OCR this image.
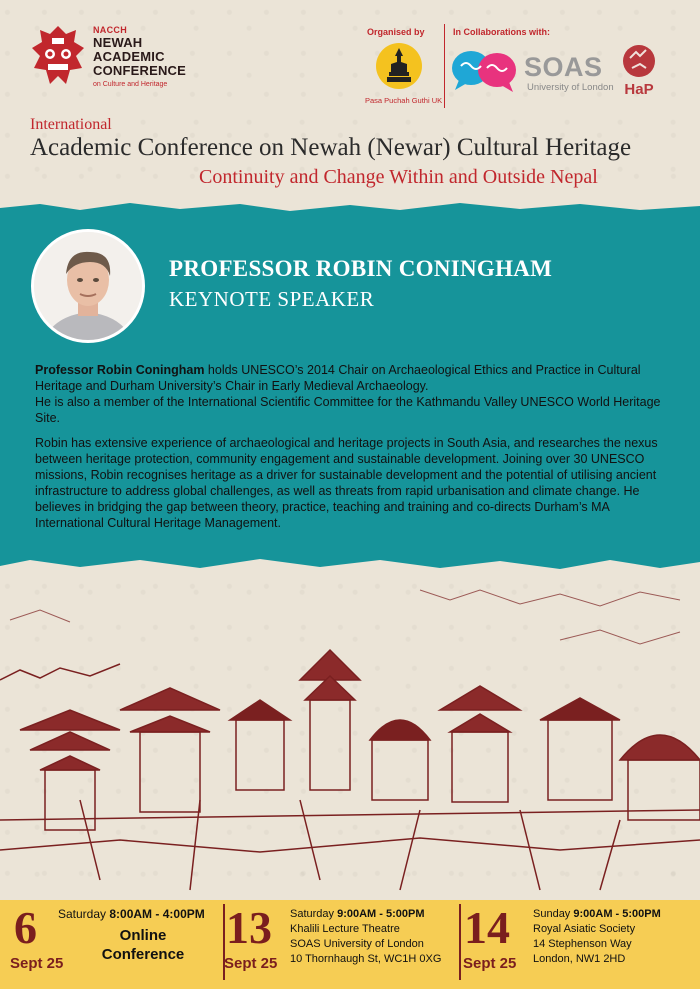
NACCH
NEWAH ACADEMIC CONFERENCE
on Culture and Heritage
Organised by
Pasa Puchah Guthi UK
In Collaborations with:
SOAS
University of London HaP
International
Academic Conference on Newah (Newar) Cultural Heritage
Continuity and Change Within and Outside Nepal
PROFESSOR ROBIN CONINGHAM
KEYNOTE SPEAKER

Professor Robin Coningham holds UNESCO’s 2014 Chair on Archaeological Ethics and Practice in Cultural Heritage and Durham University’s Chair in Early Medieval Archaeology.
He is also a member of the International Scientific Committee for the Kathmandu Valley UNESCO World Heritage Site.

Robin has extensive experience of archaeological and heritage projects in South Asia, and researches the nexus between heritage protection, community engagement and sustainable development. Joining over 30 UNESCO missions, Robin recognises heritage as a driver for sustainable development and the potential of utilising ancient infrastructure to address global challenges, as well as threats from rapid urbanisation and climate change. He believes in bridging the gap between theory, practice, teaching and training and co-directs Durham’s MA International Cultural Heritage Management.

6
Sept 25
Saturday 8:00AM - 4:00PM
Online
Conference
13
Sept 25
Saturday 9:00AM - 5:00PM
Khalili Lecture Theatre
SOAS University of London
10 Thornhaugh St, WC1H 0XG
14
Sept 25
Sunday 9:00AM - 5:00PM
Royal Asiatic Society
14 Stephenson Way
London, NW1 2HD
